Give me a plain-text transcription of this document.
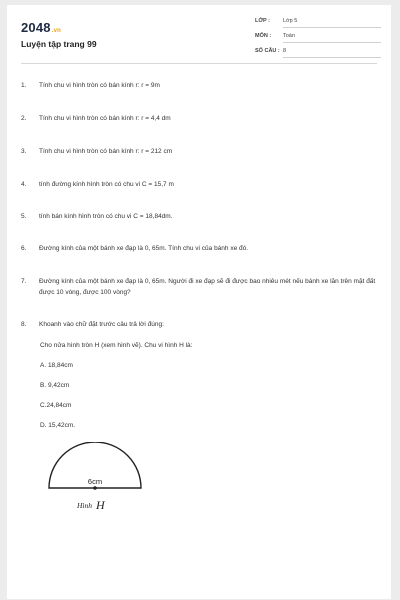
2048.vn
Luyện tập trang 99
LỚP : Lớp 5
MÔN : Toán
SỐ CÂU : 8
1. Tính chu vi hình tròn có bán kính r: r = 9m
2. Tính chu vi hình tròn có bán kính r: r = 4,4 dm
3. Tính chu vi hình tròn có bán kính r: r = 212 cm
4. tính đường kính hình tròn có chu vi C = 15,7 m
5. tính bán kính hình tròn có chu vi C = 18,84dm.
6. Đường kính của một bánh xe đạp là 0, 65m. Tính chu vi của bánh xe đó.
7. Đường kính của một bánh xe đạp là 0, 65m. Người đi xe đạp sẽ đi được bao nhiêu mét nếu bánh xe lăn trên mặt đất được 10 vòng, được 100 vòng?
8. Khoanh vào chữ đặt trước câu trả lời đúng:
Cho nửa hình tròn H (xem hình vẽ). Chu vi hình H là:
A. 18,84cm
B. 9,42cm
C.24,84cm
D. 15,42cm.
6cm
Hình H
